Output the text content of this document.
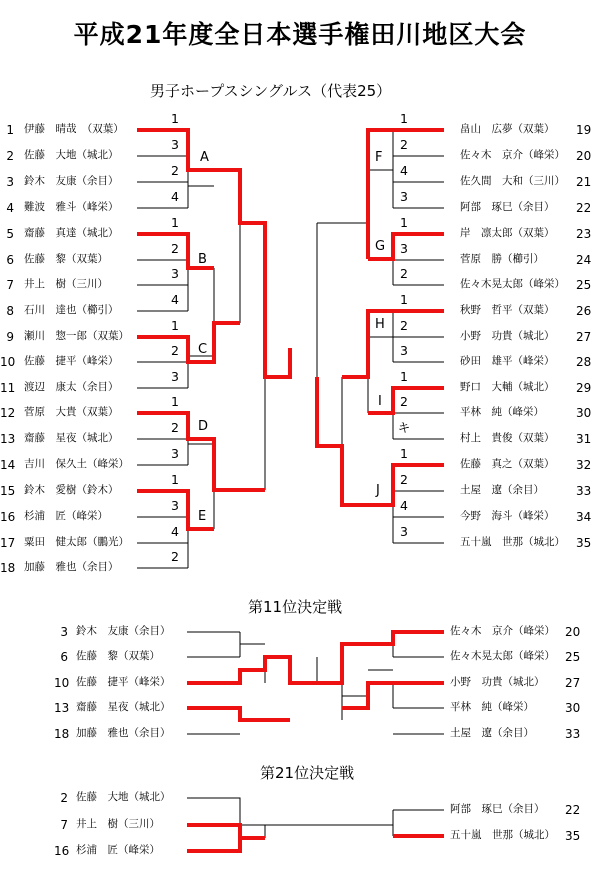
平成21年度全日本選手権田川地区大会
男子ホープスシングルス（代表25）
第11位決定戦
第21位決定戦
1 伊藤　晴哉　（双葉）
2 佐藤　大地（城北）
3 鈴木　友康（余目）
4 難波　雅斗（峰栄）
5 齋藤　真達（城北）
6 佐藤　黎（双葉）
7 井上　樹（三川）
8 石川　達也（櫛引）
9 瀬川　惣一郎（双葉）
10 佐藤　捷平（峰栄）
11 渡辺　康太（余目）
12 菅原　大貴（双葉）
13 齋藤　星夜（城北）
14 吉川　保久土（峰栄）
15 鈴木　愛樹（鈴木）
16 杉浦　匠（峰栄）
17 粟田　健太郎（鵬光）
18 加藤　雅也（余目）
19
畠山　広夢（双葉）
20
佐々木　京介（峰栄）
21
佐久間　大和（三川）
22
阿部　琢巳（余目）
23
岸　凛太郎（双葉）
24
菅原　勝（櫛引）
25
佐々木晃太郎（峰栄）
26
秋野　哲平（双葉）
27
小野　功貴（城北）
28
砂田　雄平（峰栄）
29
野口　大輔（城北）
30
平林　純（峰栄）
31
村上　貴俊（双葉）
32
佐藤　真之（双葉）
33
土屋　遼（余目）
34
今野　海斗（峰栄）
35
五十嵐　世那（城北）
1
3
2
4
A
1
2
3
4
B
1
2
3
C
1
2
3
D
1
3
4
2
E
1
2
4
3
F
1
3
2
G
1
2
3
H
1
2
キ
I
1
2
4
3
J
3 鈴木　友康（余目）
6 佐藤　黎（双葉）
10 佐藤　捷平（峰栄）
13 齋藤　星夜（城北）
18 加藤　雅也（余目）
20
佐々木　京介（峰栄）
25
佐々木晃太郎（峰栄）
27
小野　功貴（城北）
30
平林　純（峰栄）
33
土屋　遼（余目）
2 佐藤　大地（城北）
7 井上　樹（三川）
16 杉浦　匠（峰栄）
22
阿部　琢巳（余目）
35
五十嵐　世那（城北）
